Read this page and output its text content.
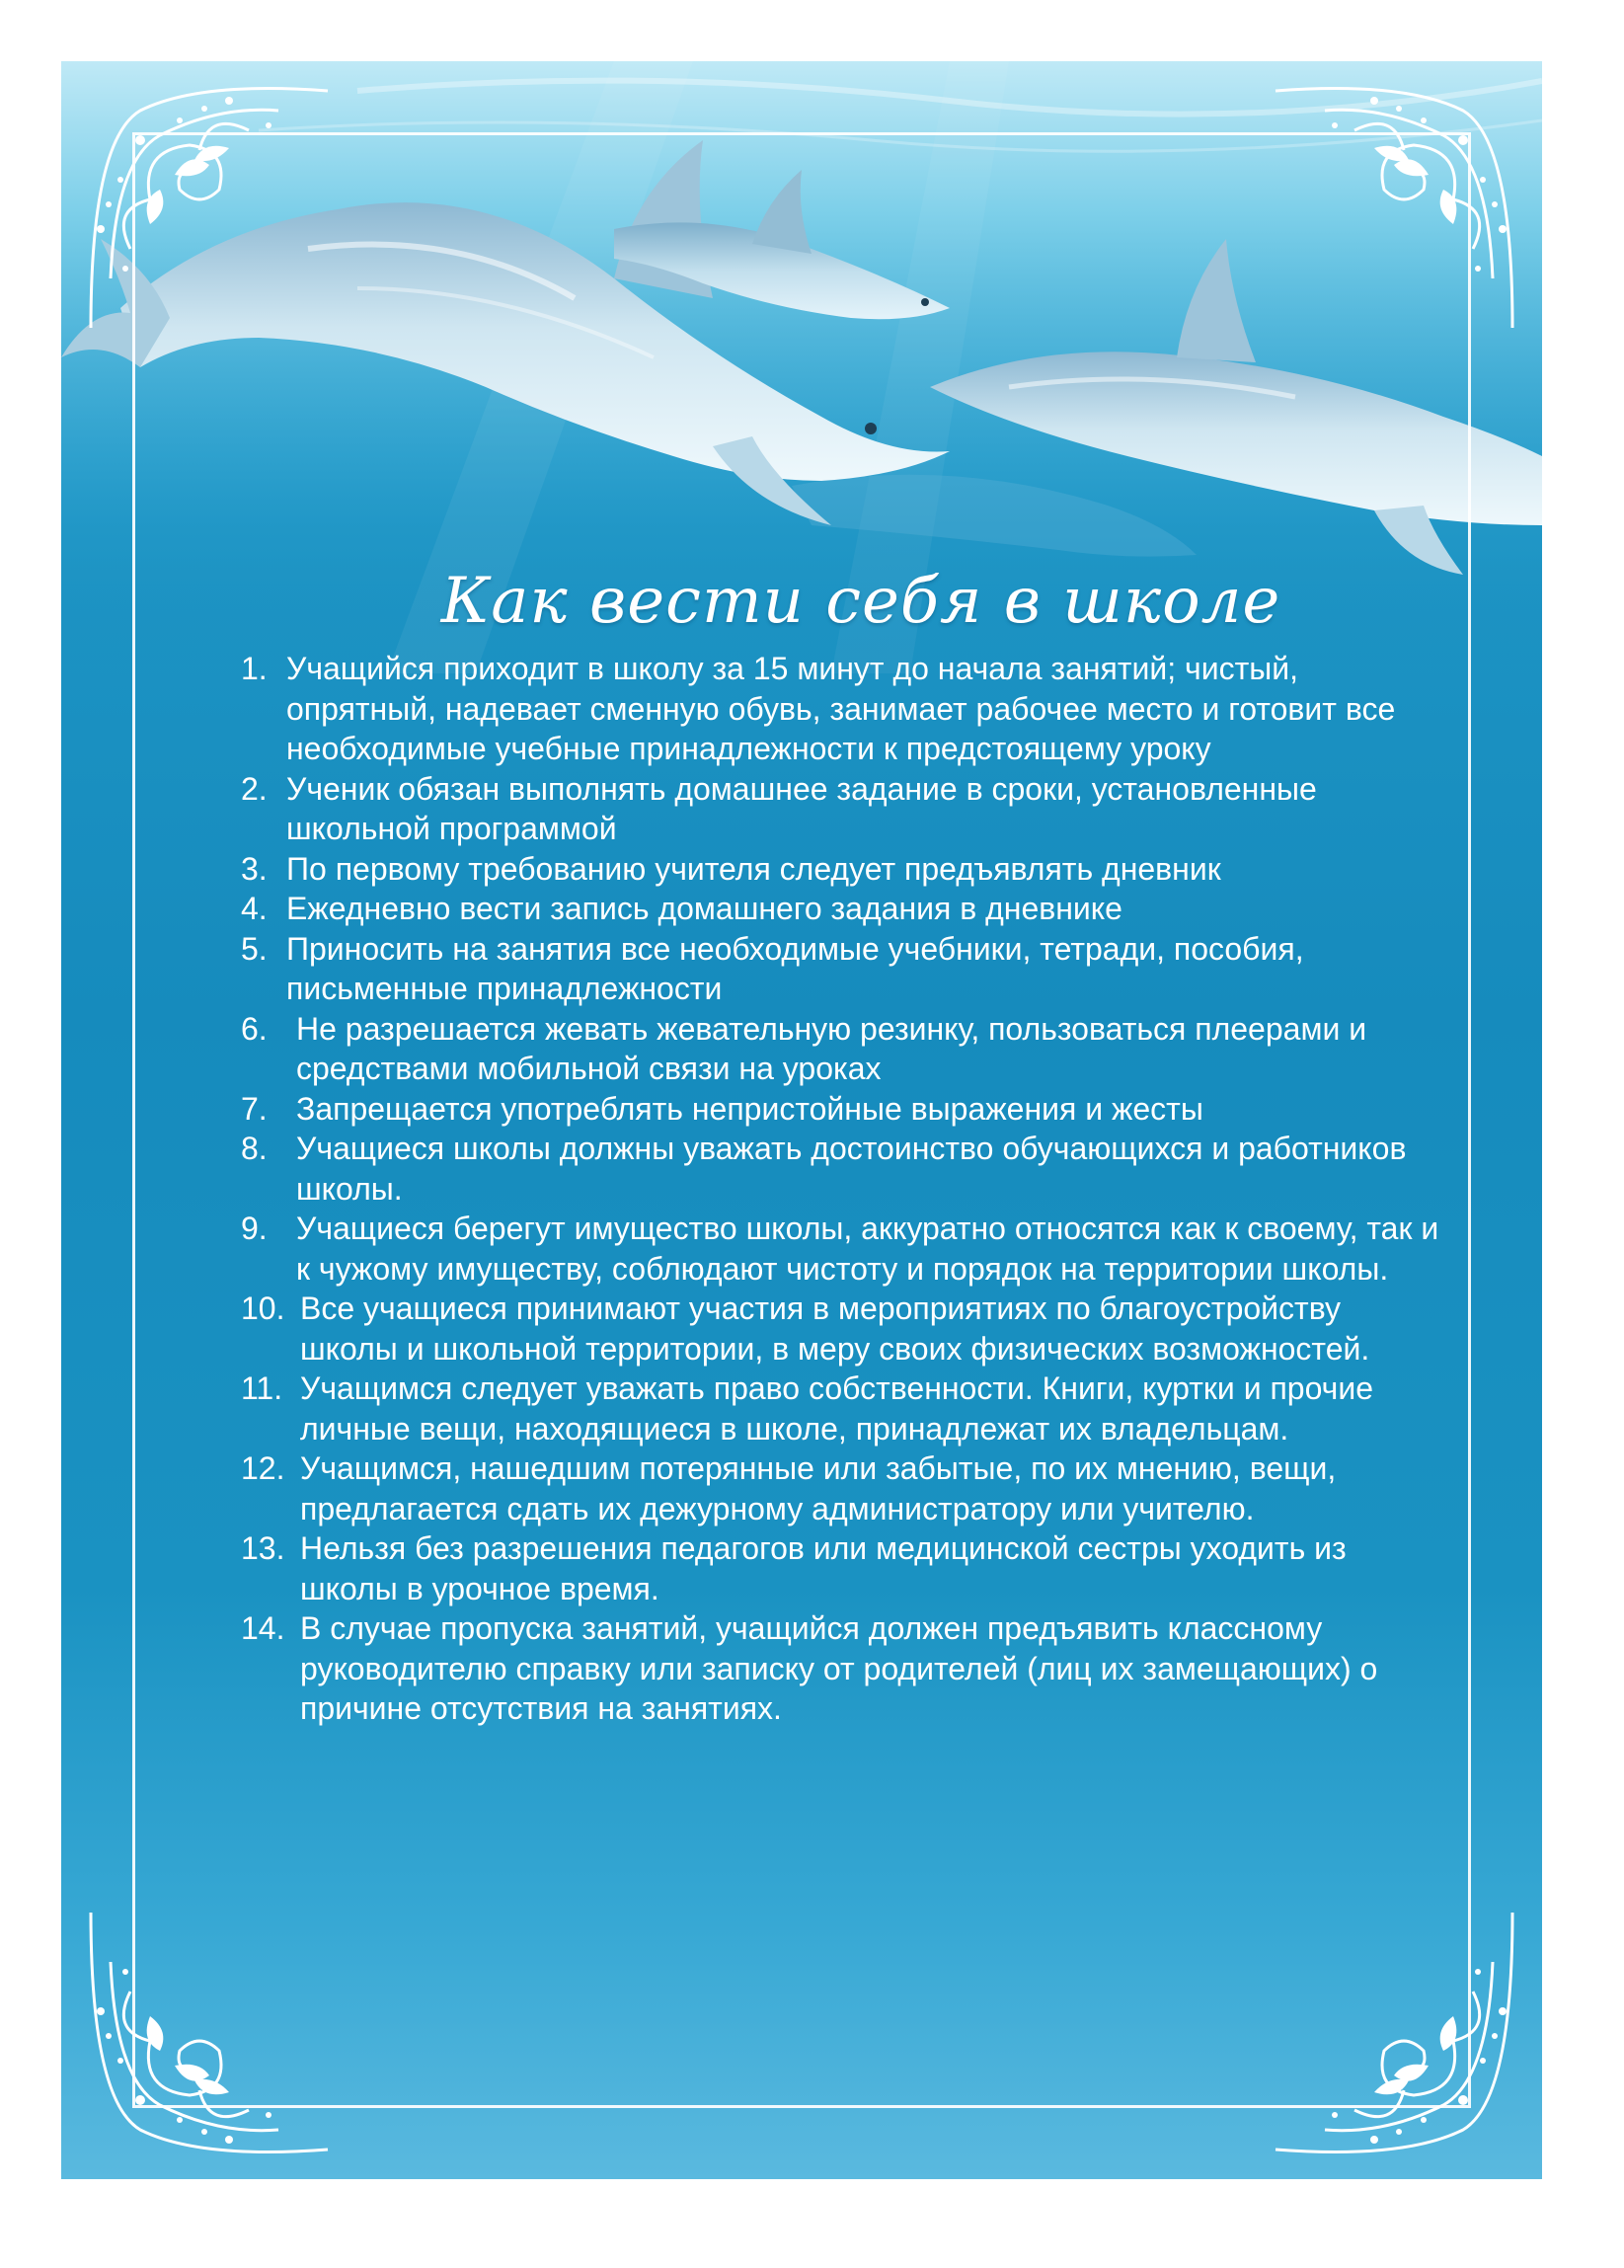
Как вести себя в школе
1. Учащийся приходит в школу за 15 минут до начала занятий; чистый, опрятный, надевает сменную обувь, занимает рабочее место и готовит все необходимые учебные принадлежности к предстоящему уроку
2. Ученик обязан выполнять домашнее задание в сроки, установленные школьной программой
3. По первому требованию учителя следует предъявлять дневник
4. Ежедневно вести запись домашнего задания в дневнике
5. Приносить на занятия все необходимые учебники, тетради, пособия, письменные принадлежности
6. Не разрешается жевать жевательную резинку, пользоваться плеерами и средствами мобильной связи на уроках
7. Запрещается употреблять непристойные выражения и жесты
8. Учащиеся школы должны уважать достоинство обучающихся и работников школы.
9. Учащиеся берегут имущество школы, аккуратно относятся как к своему, так и к чужому имуществу, соблюдают чистоту и порядок на территории школы.
10. Все учащиеся принимают участия в мероприятиях по благоустройству школы и школьной территории, в меру своих физических возможностей.
11. Учащимся следует уважать право собственности. Книги, куртки и прочие личные вещи, находящиеся в школе, принадлежат их владельцам.
12. Учащимся, нашедшим потерянные или забытые, по их мнению, вещи, предлагается сдать их дежурному администратору или учителю.
13. Нельзя без разрешения педагогов или медицинской сестры уходить из школы в урочное время.
14. В случае пропуска занятий, учащийся должен предъявить классному руководителю справку или записку от родителей (лиц их замещающих) о причине отсутствия на занятиях.
